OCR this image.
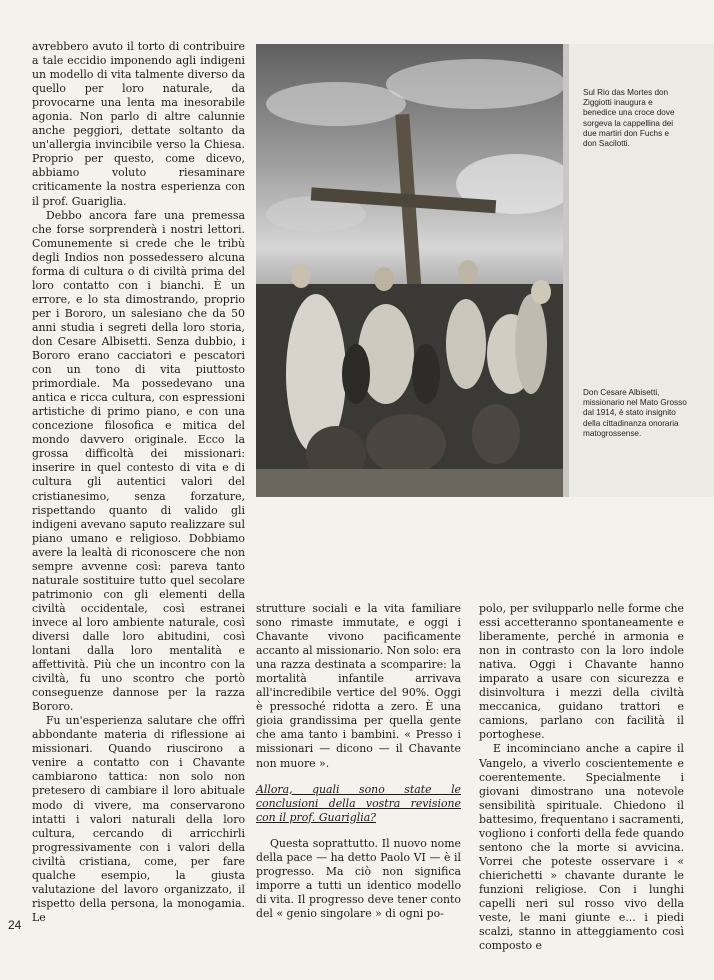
avrebbero avuto il torto di contribuire a tale eccidio imponendo agli indigeni un modello di vita talmente diverso da quello per loro naturale, da provocarne una lenta ma inesorabile agonia. Non parlo di altre calunnie anche peggiori, dettate soltanto da un'allergia invincibile verso la Chiesa. Proprio per questo, come dicevo, abbiamo voluto riesaminare criticamente la nostra esperienza con il prof. Guariglia.

Debbo ancora fare una premessa che forse sorprenderà i nostri lettori. Comunemente si crede che le tribù degli Indios non possedessero alcuna forma di cultura o di civiltà prima del loro contatto con i bianchi. È un errore, e lo sta dimostrando, proprio per i Bororo, un salesiano che da 50 anni studia i segreti della loro storia, don Cesare Albisetti. Senza dubbio, i Bororo erano cacciatori e pescatori con un tono di vita piuttosto primordiale. Ma possedevano una antica e ricca cultura, con espressioni artistiche di primo piano, e con una concezione filosofica e mitica del mondo davvero originale. Ecco la grossa difficoltà dei missionari: inserire in quel contesto di vita e di cultura gli autentici valori del cristianesimo, senza forzature, rispettando quanto di valido gli indigeni avevano saputo realizzare sul piano umano e religioso. Dobbiamo avere la lealtà di riconoscere che non sempre avvenne così: pareva tanto naturale sostituire tutto quel secolare patrimonio con gli elementi della civiltà occidentale, così estranei invece al loro ambiente naturale, così diversi dalle loro abitudini, così lontani dalla loro mentalità e affettività. Più che un incontro con la civiltà, fu uno scontro che portò conseguenze dannose per la razza Bororo.

Fu un'esperienza salutare che offrì abbondante materia di riflessione ai missionari. Quando riuscirono a venire a contatto con i Chavante cambiarono tattica: non solo non pretesero di cambiare il loro abituale modo di vivere, ma conservarono intatti i valori naturali della loro cultura, cercando di arricchirli progressivamente con i valori della civiltà cristiana, come, per fare qualche esempio, la giusta valutazione del lavoro organizzato, il rispetto della persona, la monogamia. Le

24
Sul Rio das Mortes don Ziggiotti inaugura e benedice una croce dove sorgeva la cappellina dei due martiri don Fuchs e don Sacilotti.
Don Cesare Albisetti, missionario nel Mato Grosso dal 1914, è stato insignito della cittadinanza onoraria matogrossense.

strutture sociali e la vita familiare sono rimaste immutate, e oggi i Chavante vivono pacificamente accanto al missionario. Non solo: era una razza destinata a scomparire: la mortalità infantile arrivava all'incredibile vertice del 90%. Oggi è pressoché ridotta a zero. È una gioia grandissima per quella gente che ama tanto i bambini. « Presso i missionari — dicono — il Chavante non muore ».

Allora, quali sono state le conclusioni della vostra revisione con il prof. Guariglia?

Questa soprattutto. Il nuovo nome della pace — ha detto Paolo VI — è il progresso. Ma ciò non significa imporre a tutti un identico modello di vita. Il progresso deve tener conto del « genio singolare » di ogni po-

polo, per svilupparlo nelle forme che essi accetteranno spontaneamente e liberamente, perché in armonia e non in contrasto con la loro indole nativa. Oggi i Chavante hanno imparato a usare con sicurezza e disinvoltura i mezzi della civiltà meccanica, guidano trattori e camions, parlano con facilità il portoghese.

E incominciano anche a capire il Vangelo, a viverlo coscientemente e coerentemente. Specialmente i giovani dimostrano una notevole sensibilità spirituale. Chiedono il battesimo, frequentano i sacramenti, vogliono i conforti della fede quando sentono che la morte si avvicina. Vorrei che poteste osservare i « chierichetti » chavante durante le funzioni religiose. Con i lunghi capelli neri sul rosso vivo della veste, le mani giunte e... i piedi scalzi, stanno in atteggiamento così composto e
